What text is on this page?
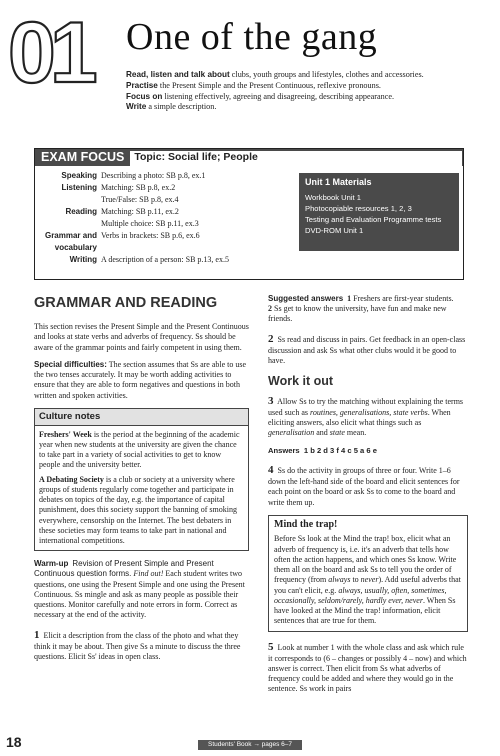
01 One of the gang
Read, listen and talk about clubs, youth groups and lifestyles, clothes and accessories.
Practise the Present Simple and the Present Continuous, reflexive pronouns.
Focus on listening effectively, agreeing and disagreeing, describing appearance.
Write a simple description.
EXAM FOCUS Topic: Social life; People
Speaking Describing a photo: SB p.8, ex.1
Listening Matching: SB p.8, ex.2
True/False: SB p.8, ex.4
Reading Matching: SB p.11, ex.2
Multiple choice: SB p.11, ex.3
Grammar and Verbs in brackets: SB p.6, ex.6
vocabulary
Writing A description of a person: SB p.13, ex.5
Unit 1 Materials
Workbook Unit 1
Photocopiable resources 1, 2, 3
Testing and Evaluation Programme tests
DVD-ROM Unit 1
GRAMMAR AND READING

This section revises the Present Simple and the Present Continuous and looks at state verbs and adverbs of frequency. Ss should be aware of the grammar points and fairly competent in using them.

Special difficulties: The section assumes that Ss are able to use the two tenses accurately. It may be worth adding activities to ensure that they are able to form negatives and questions in both written and spoken activities.

Culture notes

Freshers' Week is the period at the beginning of the academic year when new students at the university are given the chance to take part in a variety of social activities to get to know people and the university better.

A Debating Society is a club or society at a university where groups of students regularly come together and participate in debates on topics of the day, e.g. the importance of capital punishment, does this society support the banning of smoking everywhere, censorship on the Internet. The best debaters in these societies may form teams to take part in national and international competitions.

Warm-up Revision of Present Simple and Present Continuous question forms. Find out! Each student writes two questions, one using the Present Simple and one using the Present Continuous. Ss mingle and ask as many people as possible their questions. Monitor carefully and note errors in form. Correct as necessary at the end of the activity.

1 Elicit a description from the class of the photo and what they think it may be about. Then give Ss a minute to discuss the three questions. Elicit Ss' ideas in open class.

Suggested answers 1 Freshers are first-year students.
2 Ss get to know the university, have fun and make new friends.

2 Ss read and discuss in pairs. Get feedback in an open-class discussion and ask Ss what other clubs would it be good to have.

Work it out

3 Allow Ss to try the matching without explaining the terms used such as routines, generalisations, state verbs. When eliciting answers, also elicit what things such as generalisation and state mean.

Answers 1 b 2 d 3 f 4 c 5 a 6 e

4 Ss do the activity in groups of three or four. Write 1–6 down the left-hand side of the board and elicit sentences for each point on the board or ask Ss to come to the board and write them up.

Mind the trap!

Before Ss look at the Mind the trap! box, elicit what an adverb of frequency is, i.e. it's an adverb that tells how often the action happens, and which ones Ss know. Write them all on the board and ask Ss to tell you the order of frequency (from always to never). Add useful adverbs that you can't elicit, e.g. always, usually, often, sometimes, occasionally, seldom/rarely, hardly ever, never. When Ss have looked at the Mind the trap! information, elicit sentences that are true for them.

5 Look at number 1 with the whole class and ask which rule it corresponds to (6 – changes or possibly 4 – now) and which answer is correct. Then elicit from Ss what adverbs of frequency could be added and where they would go in the sentence. Ss work in pairs

18	Students' Book → pages 6–7
